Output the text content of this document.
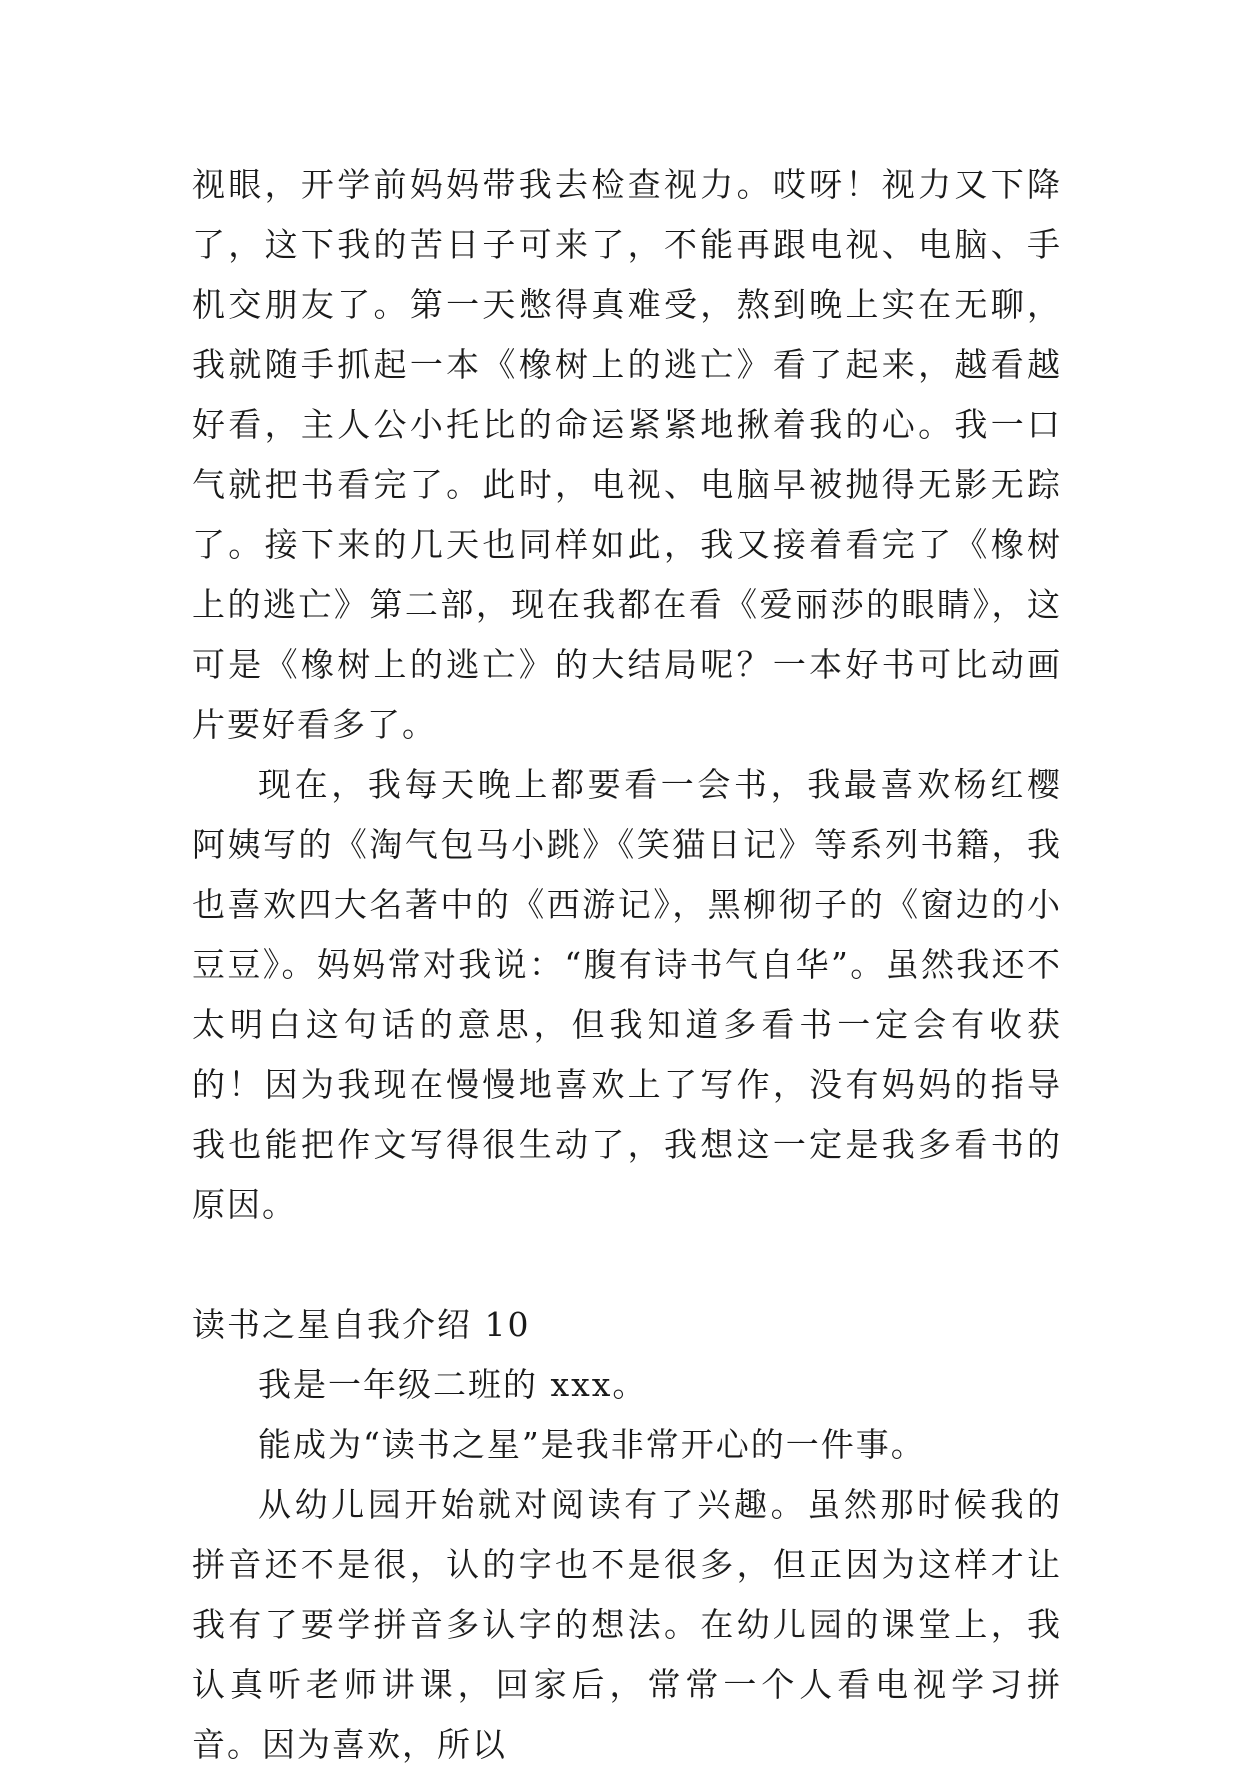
视眼，开学前妈妈带我去检查视力。哎呀！视力又下降了，这下我的苦日子可来了，不能再跟电视、电脑、手机交朋友了。第一天憋得真难受，熬到晚上实在无聊，我就随手抓起一本《橡树上的逃亡》看了起来，越看越好看，主人公小托比的命运紧紧地揪着我的心。我一口气就把书看完了。此时，电视、电脑早被抛得无影无踪了。接下来的几天也同样如此，我又接着看完了《橡树上的逃亡》第二部，现在我都在看《爱丽莎的眼睛》，这可是《橡树上的逃亡》的大结局呢？一本好书可比动画片要好看多了。

现在，我每天晚上都要看一会书，我最喜欢杨红樱阿姨写的《淘气包马小跳》《笑猫日记》等系列书籍，我也喜欢四大名著中的《西游记》，黑柳彻子的《窗边的小豆豆》。妈妈常对我说：“腹有诗书气自华”。虽然我还不太明白这句话的意思，但我知道多看书一定会有收获的！因为我现在慢慢地喜欢上了写作，没有妈妈的指导我也能把作文写得很生动了，我想这一定是我多看书的原因。

读书之星自我介绍 10

我是一年级二班的 xxx。

能成为“读书之星”是我非常开心的一件事。

从幼儿园开始就对阅读有了兴趣。虽然那时候我的拼音还不是很，认的字也不是很多，但正因为这样才让我有了要学拼音多认字的想法。在幼儿园的课堂上，我认真听老师讲课，回家后，常常一个人看电视学习拼音。因为喜欢，所以
